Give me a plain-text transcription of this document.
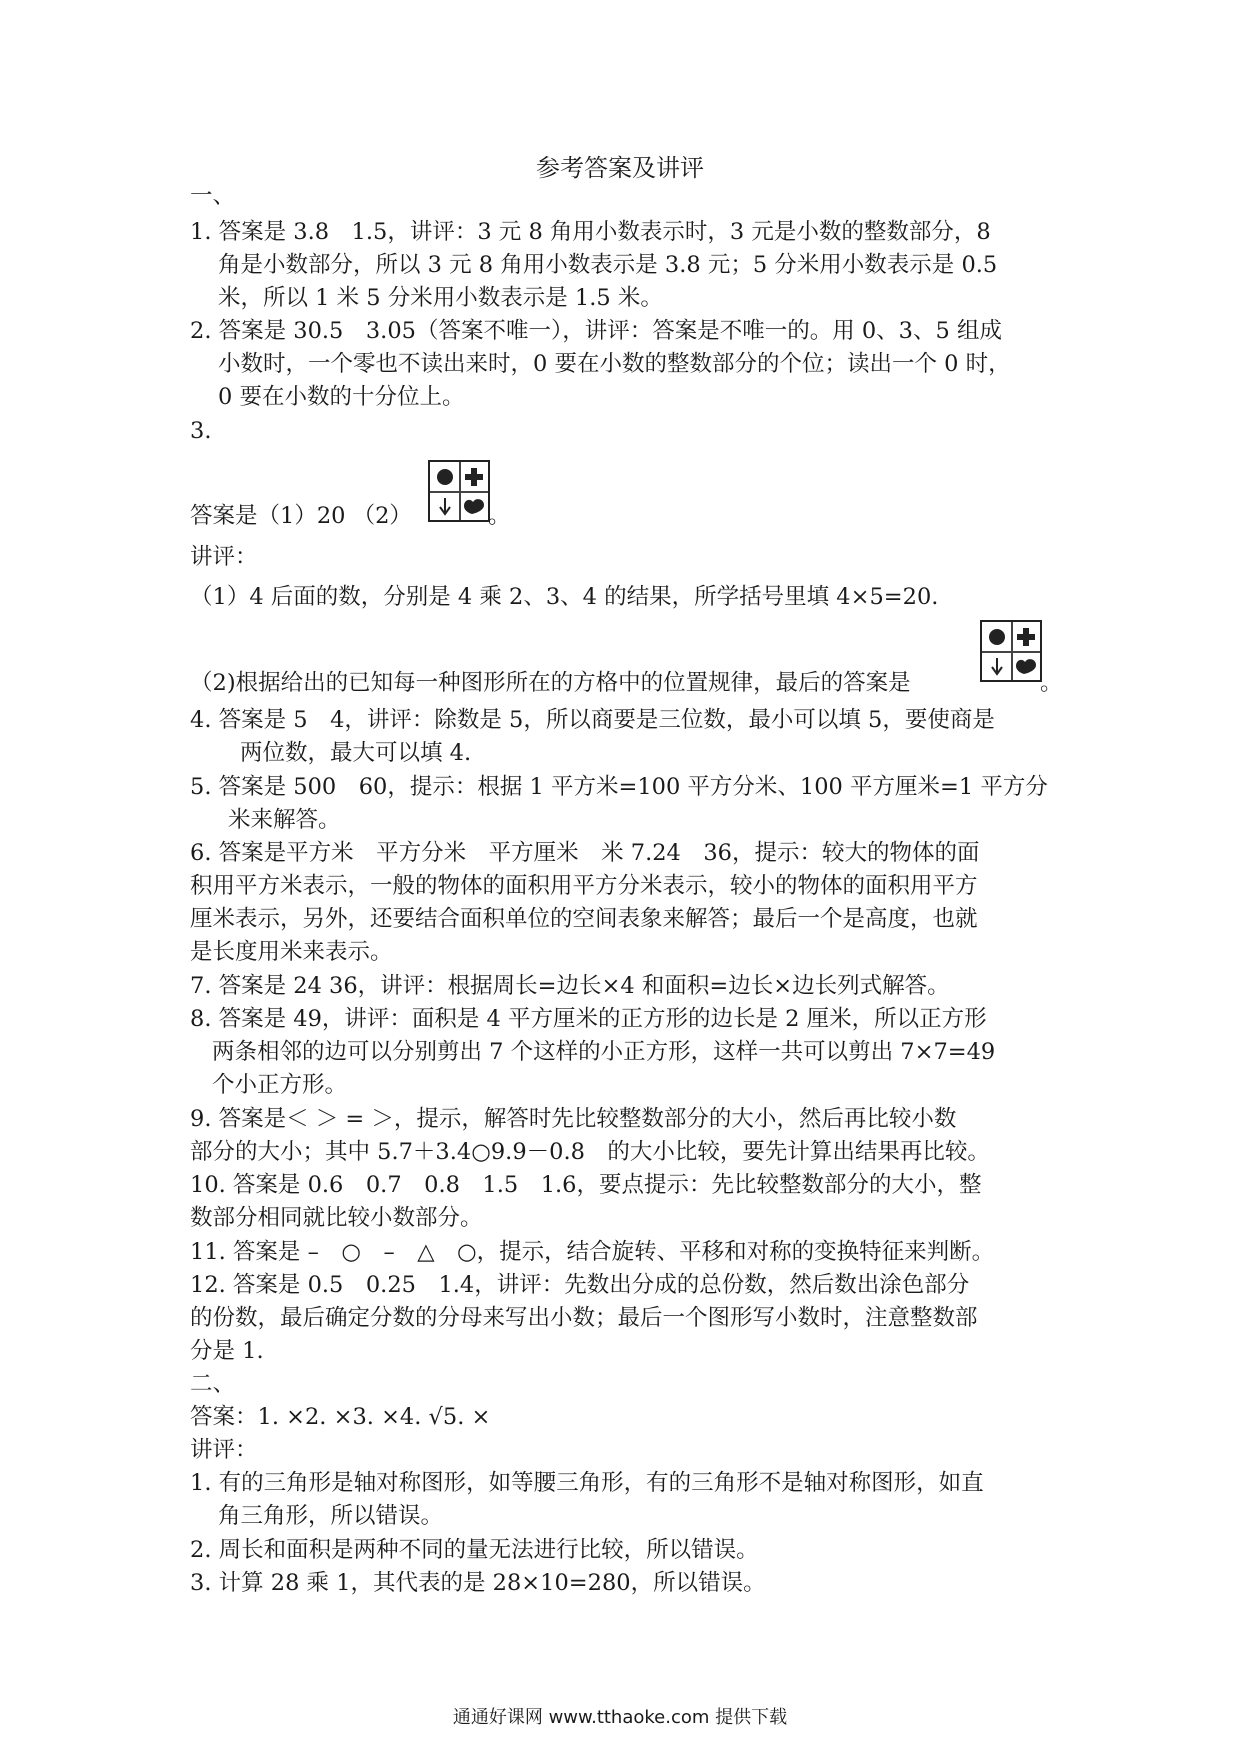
参考答案及讲评
一、
1. 答案是 3.8　1.5，讲评：3 元 8 角用小数表示时，3 元是小数的整数部分，8
角是小数部分，所以 3 元 8 角用小数表示是 3.8 元；5 分米用小数表示是 0.5
米，所以 1 米 5 分米用小数表示是 1.5 米。
2. 答案是 30.5　3.05（答案不唯一），讲评：答案是不唯一的。用 0、3、5 组成
小数时，一个零也不读出来时，0 要在小数的整数部分的个位；读出一个 0 时，
0 要在小数的十分位上。
3.
答案是（1）20 （2）	。
讲评：
（1）4 后面的数，分别是 4 乘 2、3、4 的结果，所学括号里填 4×5=20.
（2)根据给出的已知每一种图形所在的方格中的位置规律，最后的答案是	。
4. 答案是 5　4，讲评：除数是 5，所以商要是三位数，最小可以填 5，要使商是
两位数，最大可以填 4.
5. 答案是 500　60，提示：根据 1 平方米=100 平方分米、100 平方厘米=1 平方分
米来解答。
6. 答案是平方米　平方分米　平方厘米　米 7.24　36，提示：较大的物体的面
积用平方米表示，一般的物体的面积用平方分米表示，较小的物体的面积用平方
厘米表示，另外，还要结合面积单位的空间表象来解答；最后一个是高度，也就
是长度用米来表示。
7. 答案是 24 36，讲评：根据周长=边长×4 和面积=边长×边长列式解答。
8. 答案是 49，讲评：面积是 4 平方厘米的正方形的边长是 2 厘米，所以正方形
两条相邻的边可以分别剪出 7 个这样的小正方形，这样一共可以剪出 7×7=49
个小正方形。
9. 答案是＜ ＞ = ＞，提示，解答时先比较整数部分的大小，然后再比较小数
部分的大小；其中 5.7＋3.4○9.9－0.8　的大小比较，要先计算出结果再比较。
10. 答案是 0.6　0.7　0.8　1.5　1.6，要点提示：先比较整数部分的大小，整
数部分相同就比较小数部分。
11. 答案是 –　○　–　△　○，提示，结合旋转、平移和对称的变换特征来判断。
12. 答案是 0.5　0.25　1.4，讲评：先数出分成的总份数，然后数出涂色部分
的份数，最后确定分数的分母来写出小数；最后一个图形写小数时，注意整数部
分是 1.
二、
答案：1. ×2. ×3. ×4. √5. ×
讲评：
1. 有的三角形是轴对称图形，如等腰三角形，有的三角形不是轴对称图形，如直
角三角形，所以错误。
2. 周长和面积是两种不同的量无法进行比较，所以错误。
3. 计算 28 乘 1，其代表的是 28×10=280，所以错误。
通通好课网 www.tthaoke.com 提供下载
